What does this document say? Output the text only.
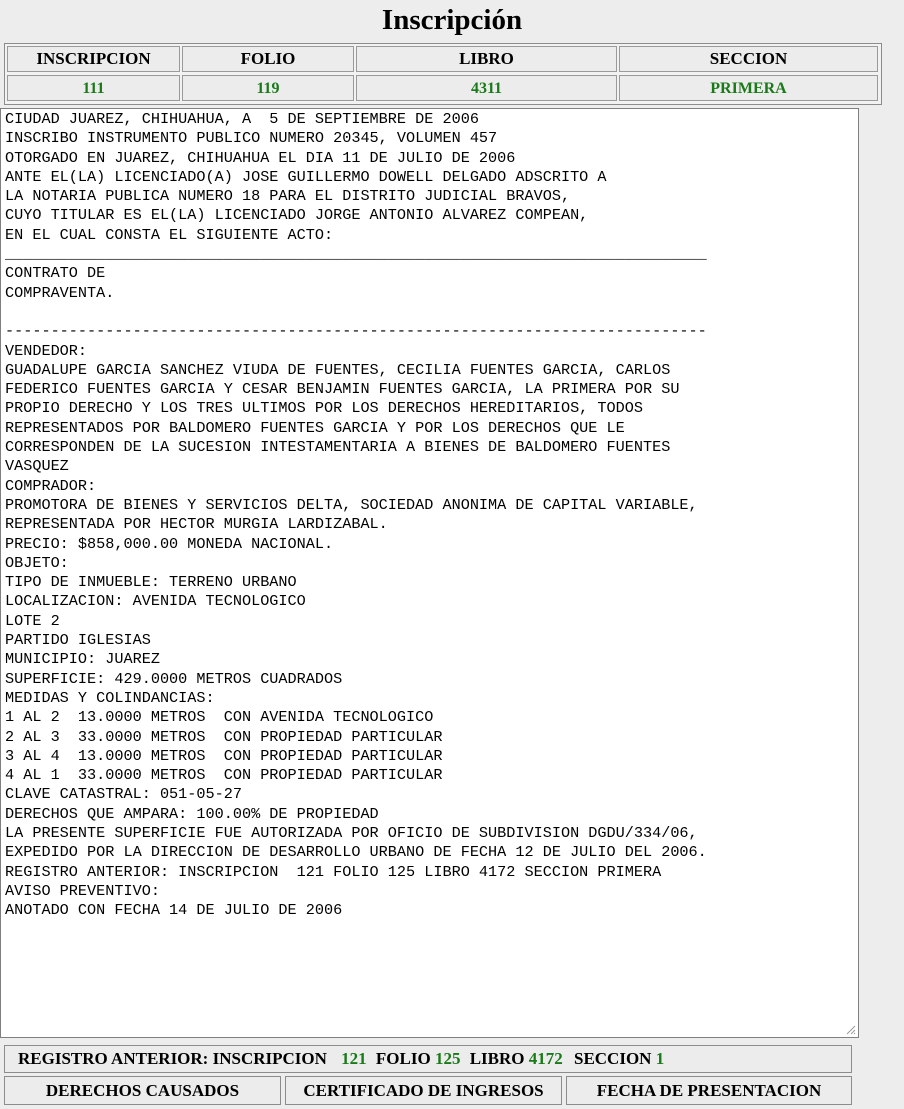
Inscripción
INSCRIPCION	FOLIO	LIBRO	SECCION
111	119	4311	PRIMERA
CIUDAD JUAREZ, CHIHUAHUA, A  5 DE SEPTIEMBRE DE 2006
INSCRIBO INSTRUMENTO PUBLICO NUMERO 20345, VOLUMEN 457
OTORGADO EN JUAREZ, CHIHUAHUA EL DIA 11 DE JULIO DE 2006
ANTE EL(LA) LICENCIADO(A) JOSE GUILLERMO DOWELL DELGADO ADSCRITO A
LA NOTARIA PUBLICA NUMERO 18 PARA EL DISTRITO JUDICIAL BRAVOS,
CUYO TITULAR ES EL(LA) LICENCIADO JORGE ANTONIO ALVAREZ COMPEAN,
EN EL CUAL CONSTA EL SIGUIENTE ACTO:
_____________________________________________________________________________
CONTRATO DE
COMPRAVENTA.

-----------------------------------------------------------------------------
VENDEDOR:
GUADALUPE GARCIA SANCHEZ VIUDA DE FUENTES, CECILIA FUENTES GARCIA, CARLOS
FEDERICO FUENTES GARCIA Y CESAR BENJAMIN FUENTES GARCIA, LA PRIMERA POR SU
PROPIO DERECHO Y LOS TRES ULTIMOS POR LOS DERECHOS HEREDITARIOS, TODOS
REPRESENTADOS POR BALDOMERO FUENTES GARCIA Y POR LOS DERECHOS QUE LE
CORRESPONDEN DE LA SUCESION INTESTAMENTARIA A BIENES DE BALDOMERO FUENTES
VASQUEZ
COMPRADOR:
PROMOTORA DE BIENES Y SERVICIOS DELTA, SOCIEDAD ANONIMA DE CAPITAL VARIABLE,
REPRESENTADA POR HECTOR MURGIA LARDIZABAL.
PRECIO: $858,000.00 MONEDA NACIONAL.
OBJETO:
TIPO DE INMUEBLE: TERRENO URBANO
LOCALIZACION: AVENIDA TECNOLOGICO
LOTE 2
PARTIDO IGLESIAS
MUNICIPIO: JUAREZ
SUPERFICIE: 429.0000 METROS CUADRADOS
MEDIDAS Y COLINDANCIAS:
1 AL 2  13.0000 METROS  CON AVENIDA TECNOLOGICO
2 AL 3  33.0000 METROS  CON PROPIEDAD PARTICULAR
3 AL 4  13.0000 METROS  CON PROPIEDAD PARTICULAR
4 AL 1  33.0000 METROS  CON PROPIEDAD PARTICULAR
CLAVE CATASTRAL: 051-05-27
DERECHOS QUE AMPARA: 100.00% DE PROPIEDAD
LA PRESENTE SUPERFICIE FUE AUTORIZADA POR OFICIO DE SUBDIVISION DGDU/334/06,
EXPEDIDO POR LA DIRECCION DE DESARROLLO URBANO DE FECHA 12 DE JULIO DEL 2006.
REGISTRO ANTERIOR: INSCRIPCION  121 FOLIO 125 LIBRO 4172 SECCION PRIMERA
AVISO PREVENTIVO:
ANOTADO CON FECHA 14 DE JULIO DE 2006
REGISTRO ANTERIOR: INSCRIPCION 121 FOLIO 125 LIBRO 4172 SECCION 1
DERECHOS CAUSADOS	CERTIFICADO DE INGRESOS	FECHA DE PRESENTACION
